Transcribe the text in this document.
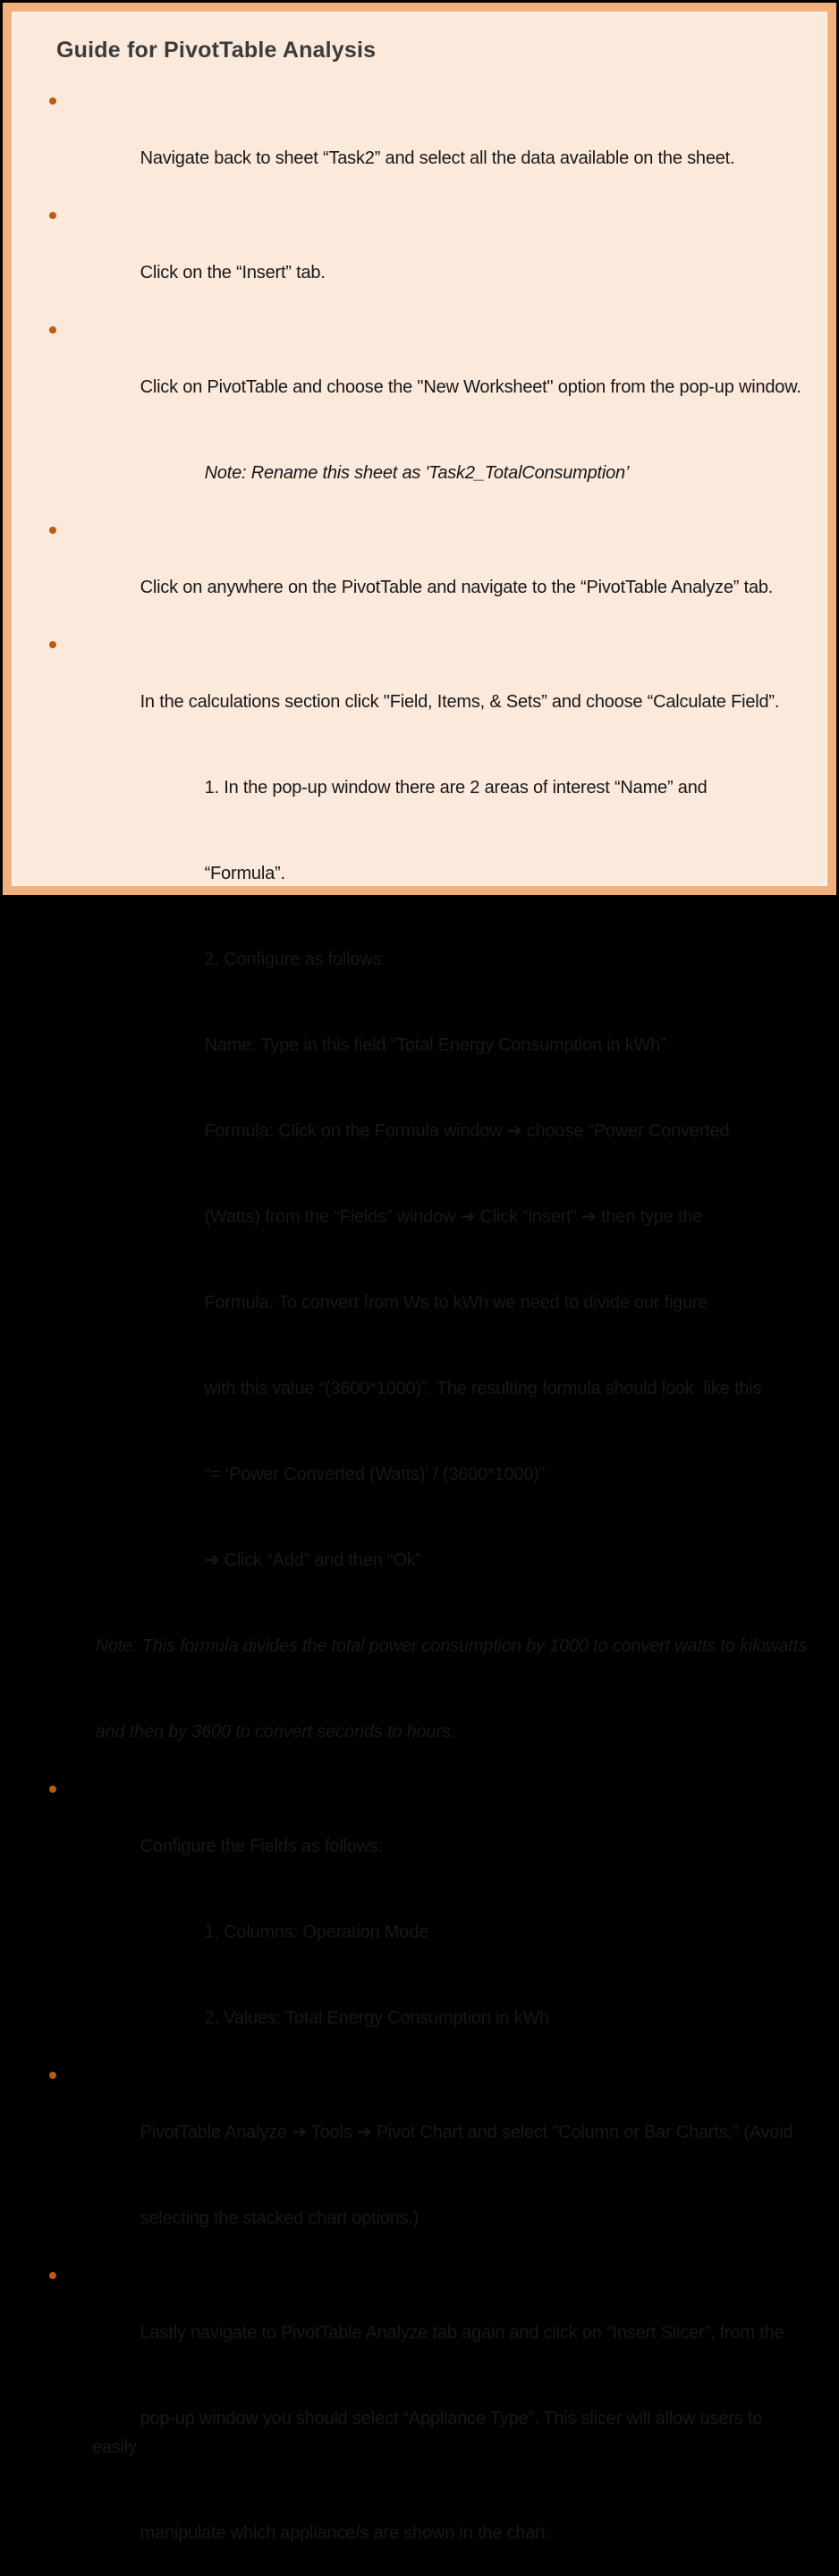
Guide for PivotTable Analysis

Navigate back to sheet “Task2” and select all the data available on the sheet.

Click on the “Insert” tab.

Click on PivotTable and choose the "New Worksheet" option from the pop-up window.

Note: Rename this sheet as 'Task2_TotalConsumption’

Click on anywhere on the PivotTable and navigate to the “PivotTable Analyze” tab.

In the calculations section click "Field, Items, & Sets” and choose “Calculate Field”.

1. In the pop-up window there are 2 areas of interest “Name” and

“Formula”.

2. Configure as follows:

Name: Type in this field “Total Energy Consumption in kWh”

Formula: Click on the Formula window ➔ choose “Power Converted

(Watts) from the “Fields” window ➔ Click “insert” ➔ then type the

Formula. To convert from Ws to kWh we need to divide our figure

with this value “(3600*1000)”. The resulting formula should look  like this

“= ‘Power Converted (Watts)’ / (3600*1000)”

➔ Click “Add” and then “Ok”

Note: This formula divides the total power consumption by 1000 to convert watts to kilowatts

and then by 3600 to convert seconds to hours.

Configure the Fields as follows:

1. Columns: Operation Mode

2. Values: Total Energy Consumption in kWh

PivotTable Analyze ➔ Tools ➔ Pivot Chart and select "Column or Bar Charts." (Avoid

selecting the stacked chart options.)

Lastly navigate to PivotTable Analyze tab again and click on “Insert Slicer”, from the

pop-up window you should select “Appliance Type”. This slicer will allow users to easily

manipulate which appliance/s are shown in the chart.
